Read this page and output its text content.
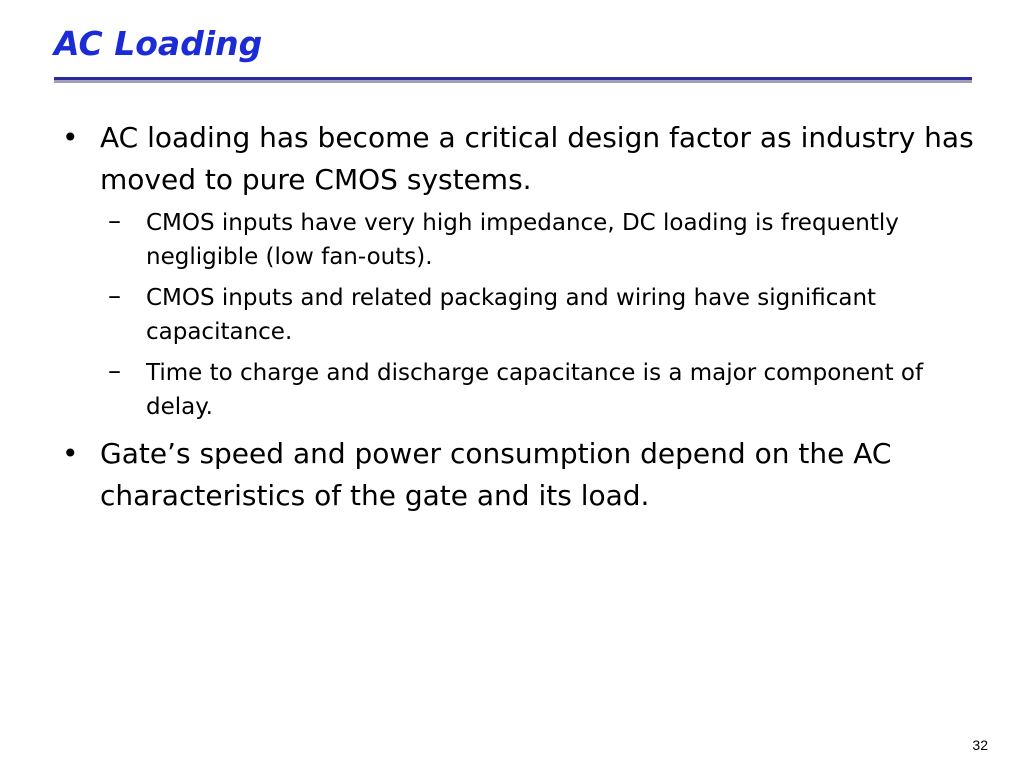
AC Loading
• AC loading has become a critical design factor as industry has moved to pure CMOS systems.
– CMOS inputs have very high impedance, DC loading is frequently negligible (low fan-outs).
– CMOS inputs and related packaging and wiring have significant capacitance.
– Time to charge and discharge capacitance is a major component of delay.
• Gate’s speed and power consumption depend on the AC characteristics of the gate and its load.
32
